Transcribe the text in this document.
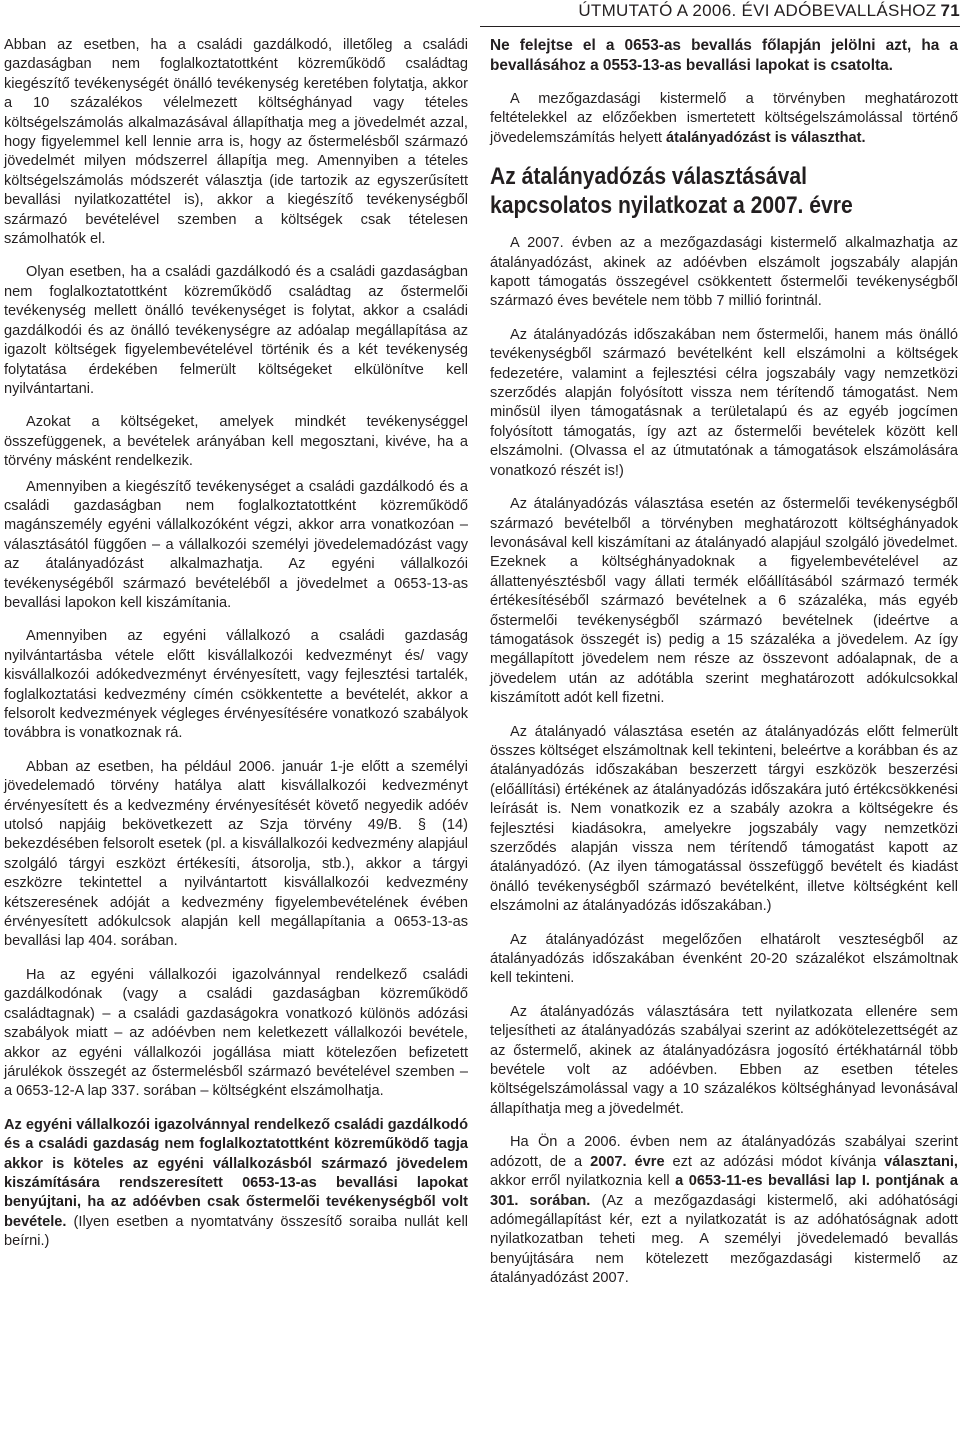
ÚTMUTATÓ A 2006. ÉVI ADÓBEVALLÁSHOZ 71

Abban az esetben, ha a családi gazdálkodó, illetőleg a családi gazdaságban nem foglalkoztatottként közreműködő családtag kiegészítő tevékenységét önálló tevékenység keretében folytatja, akkor a 10 százalékos vélelmezett költséghányad vagy tételes költségelszámolás alkalmazásával állapíthatja meg a jövedelmét azzal, hogy figyelemmel kell lennie arra is, hogy az őstermelésből származó jövedelmét milyen módszerrel állapítja meg. Amennyiben a tételes költségelszámolás módszerét választja (ide tartozik az egyszerűsített bevallási nyilatkozattétel is), akkor a kiegészítő tevékenységből származó bevételével szemben a költségek csak tételesen számolhatók el.

Olyan esetben, ha a családi gazdálkodó és a családi gazdaságban nem foglalkoztatottként közreműködő családtag az őstermelői tevékenység mellett önálló tevékenységet is folytat, akkor a családi gazdálkodói és az önálló tevékenységre az adóalap megállapítása az igazolt költségek figyelembevételével történik és a két tevékenység folytatása érdekében felmerült költségeket elkülönítve kell nyilvántartani.

Azokat a költségeket, amelyek mindkét tevékenységgel összefüggenek, a bevételek arányában kell megosztani, kivéve, ha a törvény másként rendelkezik.

Amennyiben a kiegészítő tevékenységet a családi gazdálkodó és a családi gazdaságban nem foglalkoztatottként közreműködő magánszemély egyéni vállalkozóként végzi, akkor arra vonatkozóan – választásától függően – a vállalkozói személyi jövedelemadózást vagy az átalányadózást alkalmazhatja. Az egyéni vállalkozói tevékenységéből származó bevételéből a jövedelmet a 0653-13-as bevallási lapokon kell kiszámítania.

Amennyiben az egyéni vállalkozó a családi gazdaság nyilvántartásba vétele előtt kisvállalkozói kedvezményt és/ vagy kisvállalkozói adókedvezményt érvényesített, vagy fejlesztési tartalék, foglalkoztatási kedvezmény címén csökkentette a bevételét, akkor a felsorolt kedvezmények végleges érvényesítésére vonatkozó szabályok továbbra is vonatkoznak rá.

Abban az esetben, ha például 2006. január 1-je előtt a személyi jövedelemadó törvény hatálya alatt kisvállalkozói kedvezményt érvényesített és a kedvezmény érvényesítését követő negyedik adóév utolsó napjáig bekövetkezett az Szja törvény 49/B. § (14) bekezdésében felsorolt esetek (pl. a kisvállalkozói kedvezmény alapjául szolgáló tárgyi eszközt értékesíti, átsorolja, stb.), akkor a tárgyi eszközre tekintettel a nyilvántartott kisvállalkozói kedvezmény kétszeresének adóját a kedvezmény figyelembevételének évében érvényesített adókulcsok alapján kell megállapítania a 0653-13-as bevallási lap 404. sorában.

Ha az egyéni vállalkozói igazolvánnyal rendelkező családi gazdálkodónak (vagy a családi gazdaságban közreműködő családtagnak) – a családi gazdaságokra vonatkozó különös adózási szabályok miatt – az adóévben nem keletkezett vállalkozói bevétele, akkor az egyéni vállalkozói jogállása miatt kötelezően befizetett járulékok összegét az őstermelésből származó bevételével szemben – a 0653-12-A lap 337. sorában – költségként elszámolhatja.

Az egyéni vállalkozói igazolvánnyal rendelkező családi gazdálkodó és a családi gazdaság nem foglalkoztatottként közreműködő tagja akkor is köteles az egyéni vállalkozásból származó jövedelem kiszámítására rendszeresített 0653-13-as bevallási lapokat benyújtani, ha az adóévben csak őstermelői tevékenységből volt bevétele. (Ilyen esetben a nyomtatvány összesítő soraiba nullát kell beírni.)

Ne felejtse el a 0653-as bevallás főlapján jelölni azt, ha a bevallásához a 0553-13-as bevallási lapokat is csatolta.

A mezőgazdasági kistermelő a törvényben meghatározott feltételekkel az előzőekben ismertetett költségelszámolással történő jövedelemszámítás helyett átalányadózást is választhat.

Az átalányadózás választásával
kapcsolatos nyilatkozat a 2007. évre

A 2007. évben az a mezőgazdasági kistermelő alkalmazhatja az átalányadózást, akinek az adóévben elszámolt jogszabály alapján kapott támogatás összegével csökkentett őstermelői tevékenységből származó éves bevétele nem több 7 millió forintnál.

Az átalányadózás időszakában nem őstermelői, hanem más önálló tevékenységből származó bevételként kell elszámolni a költségek fedezetére, valamint a fejlesztési célra jogszabály vagy nemzetközi szerződés alapján folyósított vissza nem térítendő támogatást. Nem minősül ilyen támogatásnak a területalapú és az egyéb jogcímen folyósított támogatás, így azt az őstermelői bevételek között kell elszámolni. (Olvassa el az útmutatónak a támogatások elszámolására vonatkozó részét is!)

Az átalányadózás választása esetén az őstermelői tevékenységből származó bevételből a törvényben meghatározott költséghányadok levonásával kell kiszámítani az átalányadó alapjául szolgáló jövedelmet. Ezeknek a költséghányadoknak a figyelembevételével az állattenyésztésből vagy állati termék előállításából származó termék értékesítéséből származó bevételnek a 6 százaléka, más egyéb őstermelői tevékenységből származó bevételnek (ideértve a támogatások összegét is) pedig a 15 százaléka a jövedelem. Az így megállapított jövedelem nem része az összevont adóalapnak, de a jövedelem után az adótábla szerint meghatározott adókulcsokkal kiszámított adót kell fizetni.

Az átalányadó választása esetén az átalányadózás előtt felmerült összes költséget elszámoltnak kell tekinteni, beleértve a korábban és az átalányadózás időszakában beszerzett tárgyi eszközök beszerzési (előállítási) értékének az átalányadózás időszakára jutó értékcsökkenési leírását is. Nem vonatkozik ez a szabály azokra a költségekre és fejlesztési kiadásokra, amelyekre jogszabály vagy nemzetközi szerződés alapján vissza nem térítendő támogatást kapott az átalányadózó. (Az ilyen támogatással összefüggő bevételt és kiadást önálló tevékenységből származó bevételként, illetve költségként kell elszámolni az átalányadózás időszakában.)

Az átalányadózást megelőzően elhatárolt veszteségből az átalányadózás időszakában évenként 20-20 százalékot elszámoltnak kell tekinteni.

Az átalányadózás választására tett nyilatkozata ellenére sem teljesítheti az átalányadózás szabályai szerint az adókötelezettségét az az őstermelő, akinek az átalányadózásra jogosító értékhatárnál több bevétele volt az adóévben. Ebben az esetben tételes költségelszámolással vagy a 10 százalékos költséghányad levonásával állapíthatja meg a jövedelmét.

Ha Ön a 2006. évben nem az átalányadózás szabályai szerint adózott, de a 2007. évre ezt az adózási módot kívánja választani, akkor erről nyilatkoznia kell a 0653-11-es bevallási lap I. pontjának a 301. sorában. (Az a mezőgazdasági kistermelő, aki adóhatósági adómegállapítást kér, ezt a nyilatkozatát is az adóhatóságnak adott nyilatkozatban teheti meg. A személyi jövedelemadó bevallás benyújtására nem kötelezett mezőgazdasági kistermelő az átalányadózást 2007.
